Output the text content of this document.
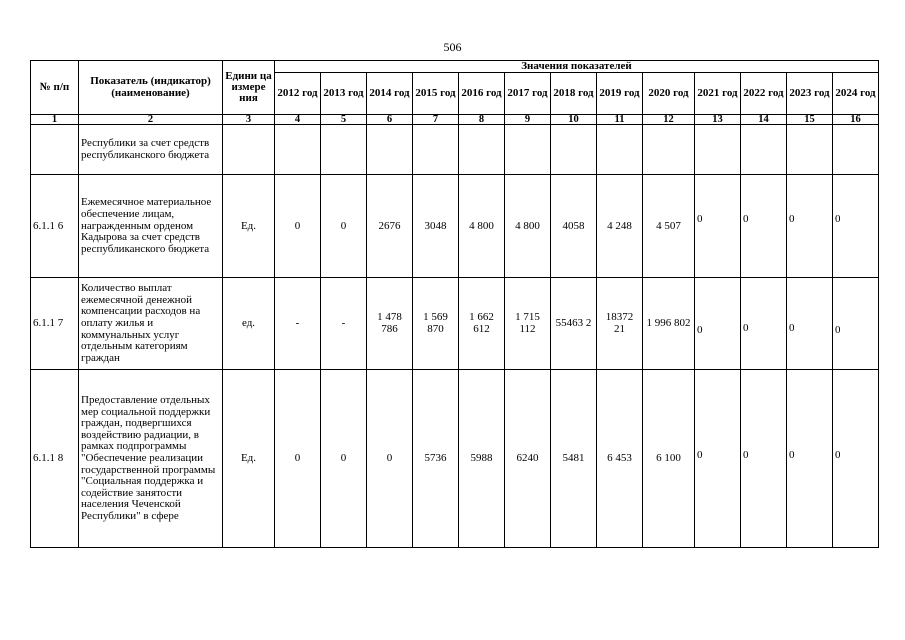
506
№ п/п	Показатель (индикатор) (наименование)	Едини ца измере ния	Значения показателей												
			2012 год	2013 год	2014 год	2015 год	2016 год	2017 год	2018 год	2019 год	2020 год	2021 год	2022 год	2023 год	2024 год
1	2	3	4	5	6	7	8	9	10	11	12	13	14	15	16
	Республики за счет средств республиканского бюджета														
6.1.1 6	Ежемесячное материальное обеспечение лицам, награжденным орденом Кадырова за счет средств республиканского бюджета	Ед.	0	0	2676	3048	4 800	4 800	4058	4 248	4 507	0	0	0	0
6.1.1 7	Количество выплат ежемесячной денежной компенсации расходов на оплату жилья и коммунальных услуг отдельным категориям граждан	ед.	-	-	1 478 786	1 569 870	1 662 612	1 715 112	55463 2	18372 21	1 996 802	0	0	0	0
6.1.1 8	Предоставление отдельных мер социальной поддержки граждан, подвергшихся воздействию радиации, в рамках подпрограммы "Обеспечение реализации государственной программы "Социальная поддержка и содействие занятости населения Чеченской Республики" в сфере	Ед.	0	0	0	5736	5988	6240	5481	6 453	6 100	0	0	0	0
